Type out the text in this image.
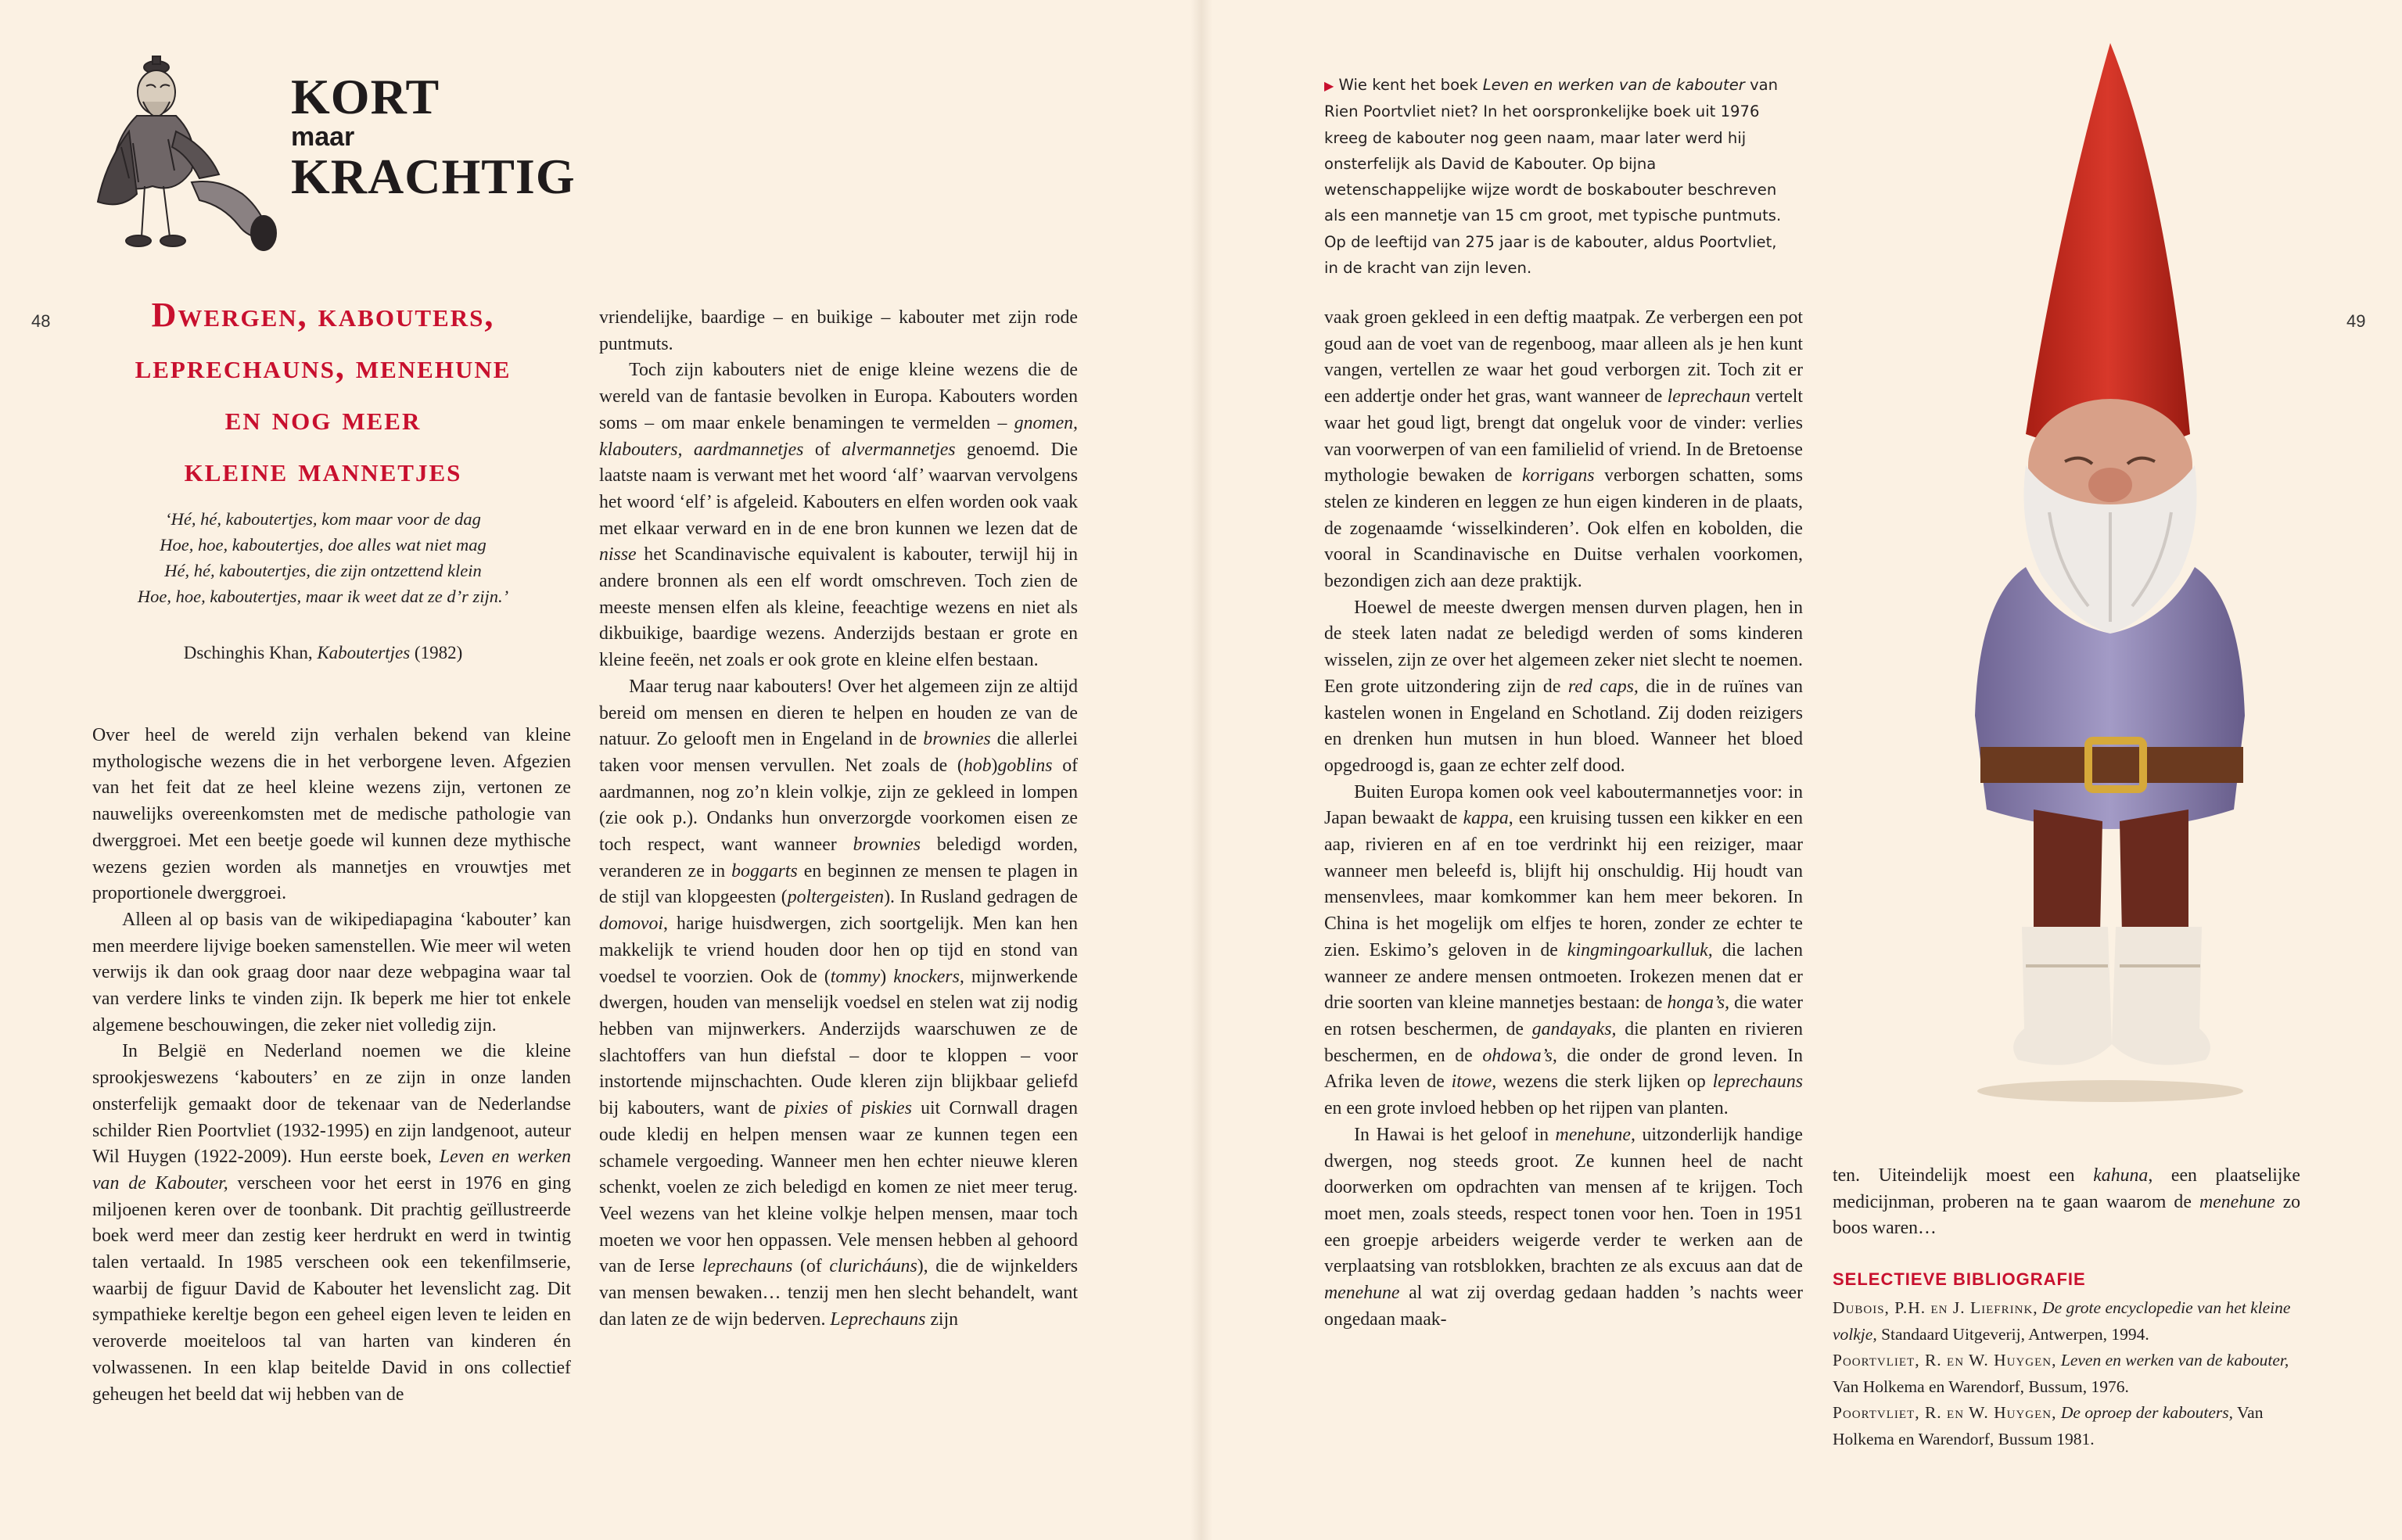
48	49
KORT
maar
KRACHTIG
Dwergen, kabouters,
leprechauns, menehune
en nog meer
kleine mannetjes
‘Hé, hé, kaboutertjes, kom maar voor de dag
Hoe, hoe, kaboutertjes, doe alles wat niet mag
Hé, hé, kaboutertjes, die zijn ontzettend klein
Hoe, hoe, kaboutertjes, maar ik weet dat ze d’r zijn.’
Dschinghis Khan, Kaboutertjes (1982)

Over heel de wereld zijn verhalen bekend van kleine mythologische wezens die in het verborgene leven. Afgezien van het feit dat ze heel kleine wezens zijn, vertonen ze nauwelijks overeenkomsten met de medische pathologie van dwerggroei. Met een beetje goede wil kunnen deze mythische wezens gezien worden als mannetjes en vrouwtjes met proportionele dwerggroei.

Alleen al op basis van de wikipediapagina ‘kabouter’ kan men meerdere lijvige boeken samenstellen. Wie meer wil weten verwijs ik dan ook graag door naar deze webpagina waar tal van verdere links te vinden zijn. Ik beperk me hier tot enkele algemene beschouwingen, die zeker niet volledig zijn.

In België en Nederland noemen we die kleine sprookjeswezens ‘kabouters’ en ze zijn in onze landen onsterfelijk gemaakt door de tekenaar van de Nederlandse schilder Rien Poortvliet (1932-1995) en zijn landgenoot, auteur Wil Huygen (1922-2009). Hun eerste boek, Leven en werken van de Kabouter, verscheen voor het eerst in 1976 en ging miljoenen keren over de toonbank. Dit prachtig geïllustreerde boek werd meer dan zestig keer herdrukt en werd in twintig talen vertaald. In 1985 verscheen ook een tekenfilmserie, waarbij de figuur David de Kabouter het levenslicht zag. Dit sympathieke kereltje begon een geheel eigen leven te leiden en veroverde moeiteloos tal van harten van kinderen én volwassenen. In een klap beitelde David in ons collectief geheugen het beeld dat wij hebben van de

vriendelijke, baardige – en buikige – kabouter met zijn rode puntmuts.

Toch zijn kabouters niet de enige kleine wezens die de wereld van de fantasie bevolken in Europa. Kabouters worden soms – om maar enkele benamingen te vermelden – gnomen, klabouters, aardmannetjes of alvermannetjes genoemd. Die laatste naam is verwant met het woord ‘alf’ waarvan vervolgens het woord ‘elf’ is afgeleid. Kabouters en elfen worden ook vaak met elkaar verward en in de ene bron kunnen we lezen dat de nisse het Scandinavische equivalent is kabouter, terwijl hij in andere bronnen als een elf wordt omschreven. Toch zien de meeste mensen elfen als kleine, feeachtige wezens en niet als dikbuikige, baardige wezens. Anderzijds bestaan er grote en kleine feeën, net zoals er ook grote en kleine elfen bestaan.

Maar terug naar kabouters! Over het algemeen zijn ze altijd bereid om mensen en dieren te helpen en houden ze van de natuur. Zo gelooft men in Engeland in de brownies die allerlei taken voor mensen vervullen. Net zoals de (hob)goblins of aardmannen, nog zo’n klein volkje, zijn ze gekleed in lompen (zie ook p.). Ondanks hun onverzorgde voorkomen eisen ze toch respect, want wanneer brownies beledigd worden, veranderen ze in boggarts en beginnen ze mensen te plagen in de stijl van klopgeesten (poltergeisten). In Rusland gedragen de domovoi, harige huisdwergen, zich soortgelijk. Men kan hen makkelijk te vriend houden door hen op tijd en stond van voedsel te voorzien. Ook de (tommy) knockers, mijnwerkende dwergen, houden van menselijk voedsel en stelen wat zij nodig hebben van mijnwerkers. Anderzijds waarschuwen ze de slachtoffers van hun diefstal – door te kloppen – voor instortende mijnschachten. Oude kleren zijn blijkbaar geliefd bij kabouters, want de pixies of piskies uit Cornwall dragen oude kledij en helpen mensen waar ze kunnen tegen een schamele vergoeding. Wanneer men hen echter nieuwe kleren schenkt, voelen ze zich beledigd en komen ze niet meer terug. Veel wezens van het kleine volkje helpen mensen, maar toch moeten we voor hen oppassen. Vele mensen hebben al gehoord van de Ierse leprechauns (of cluricháuns), die de wijnkelders van mensen bewaken… tenzij men hen slecht behandelt, want dan laten ze de wijn bederven. Leprechauns zijn

▶ Wie kent het boek Leven en werken van de kabouter van Rien Poortvliet niet? In het oorspronkelijke boek uit 1976 kreeg de kabouter nog geen naam, maar later werd hij onsterfelijk als David de Kabouter. Op bijna wetenschappelijke wijze wordt de boskabouter beschreven als een mannetje van 15 cm groot, met typische puntmuts. Op de leeftijd van 275 jaar is de kabouter, aldus Poortvliet, in de kracht van zijn leven.

vaak groen gekleed in een deftig maatpak. Ze verbergen een pot goud aan de voet van de regenboog, maar alleen als je hen kunt vangen, vertellen ze waar het goud verborgen zit. Toch zit er een addertje onder het gras, want wanneer de leprechaun vertelt waar het goud ligt, brengt dat ongeluk voor de vinder: verlies van voorwerpen of van een familielid of vriend. In de Bretoense mythologie bewaken de korrigans verborgen schatten, soms stelen ze kinderen en leggen ze hun eigen kinderen in de plaats, de zogenaamde ‘wisselkinderen’. Ook elfen en kobolden, die vooral in Scandinavische en Duitse verhalen voorkomen, bezondigen zich aan deze praktijk.

Hoewel de meeste dwergen mensen durven plagen, hen in de steek laten nadat ze beledigd werden of soms kinderen wisselen, zijn ze over het algemeen zeker niet slecht te noemen. Een grote uitzondering zijn de red caps, die in de ruïnes van kastelen wonen in Engeland en Schotland. Zij doden reizigers en drenken hun mutsen in hun bloed. Wanneer het bloed opgedroogd is, gaan ze echter zelf dood.

Buiten Europa komen ook veel kaboutermannetjes voor: in Japan bewaakt de kappa, een kruising tussen een kikker en een aap, rivieren en af en toe verdrinkt hij een reiziger, maar wanneer men beleefd is, blijft hij onschuldig. Hij houdt van mensenvlees, maar komkommer kan hem meer bekoren. In China is het mogelijk om elfjes te horen, zonder ze echter te zien. Eskimo’s geloven in de kingmingoarkulluk, die lachen wanneer ze andere mensen ontmoeten. Irokezen menen dat er drie soorten van kleine mannetjes bestaan: de honga’s, die water en rotsen beschermen, de gandayaks, die planten en rivieren beschermen, en de ohdowa’s, die onder de grond leven. In Afrika leven de itowe, wezens die sterk lijken op leprechauns en een grote invloed hebben op het rijpen van planten.

In Hawai is het geloof in menehune, uitzonderlijk handige dwergen, nog steeds groot. Ze kunnen heel de nacht doorwerken om opdrachten van mensen af te krijgen. Toch moet men, zoals steeds, respect tonen voor hen. Toen in 1951 een groepje arbeiders weigerde verder te werken aan de verplaatsing van rotsblokken, brachten ze als excuus aan dat de menehune al wat zij overdag gedaan hadden ’s nachts weer ongedaan maak-

ten. Uiteindelijk moest een kahuna, een plaatselijke medicijnman, proberen na te gaan waarom de menehune zo boos waren…

SELECTIEVE BIBLIOGRAFIE

Dubois, P.H. en J. Liefrink, De grote encyclopedie van het kleine volkje, Standaard Uitgeverij, Antwerpen, 1994.

Poortvliet, R. en W. Huygen, Leven en werken van de kabouter, Van Holkema en Warendorf, Bussum, 1976.

Poortvliet, R. en W. Huygen, De oproep der kabouters, Van Holkema en Warendorf, Bussum 1981.
